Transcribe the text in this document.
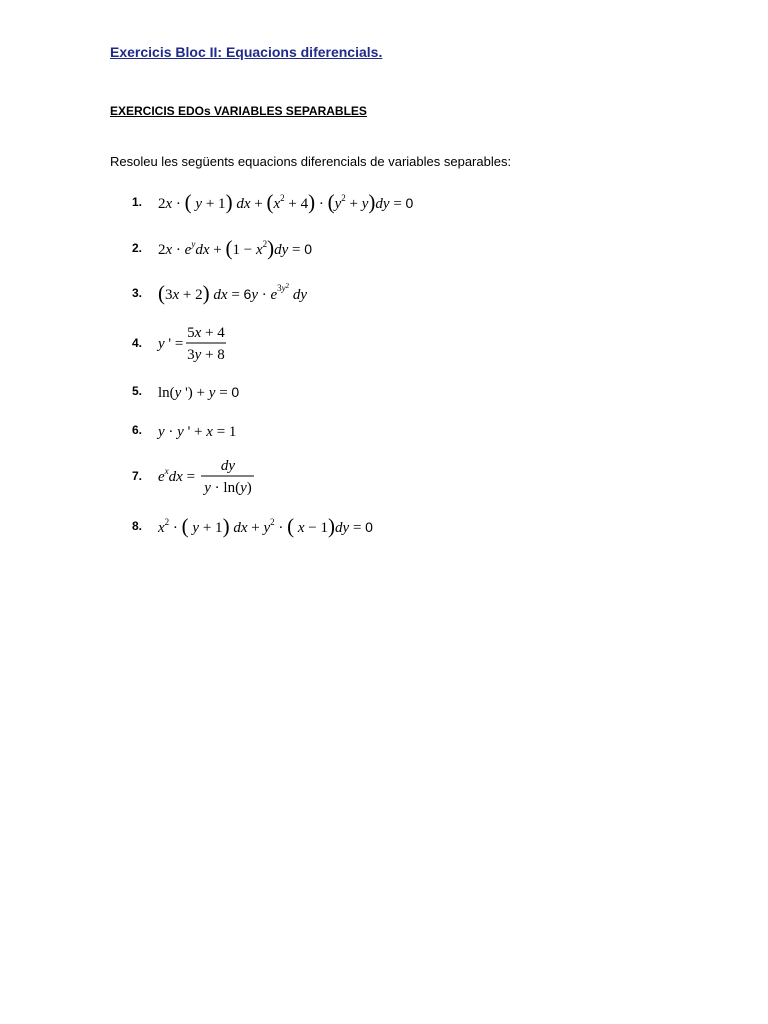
Exercicis Bloc II: Equacions diferencials.
EXERCICIS EDOs VARIABLES SEPARABLES
Resoleu les següents equacions diferencials de variables separables:
1. 2x · ( y + 1) dx + $(x^2 + 4) \cdot (y^2 + y)dy = 0$
2. $2x \cdot e^ydx + (1 - x^2)dy = 0$
3. (3x + 2) dx = $6y \cdot e^3y^2$ dy
4. y ' =
5x + 4
3y + 8
5. ln(y ') + y = 0
6. y · y ' + x = 1
7. $e^xdx$ =
dy
y · ln(y)
8. $x^2$ · ( y + 1) dx + $y^2$ · ( x − 1)dy = 0
